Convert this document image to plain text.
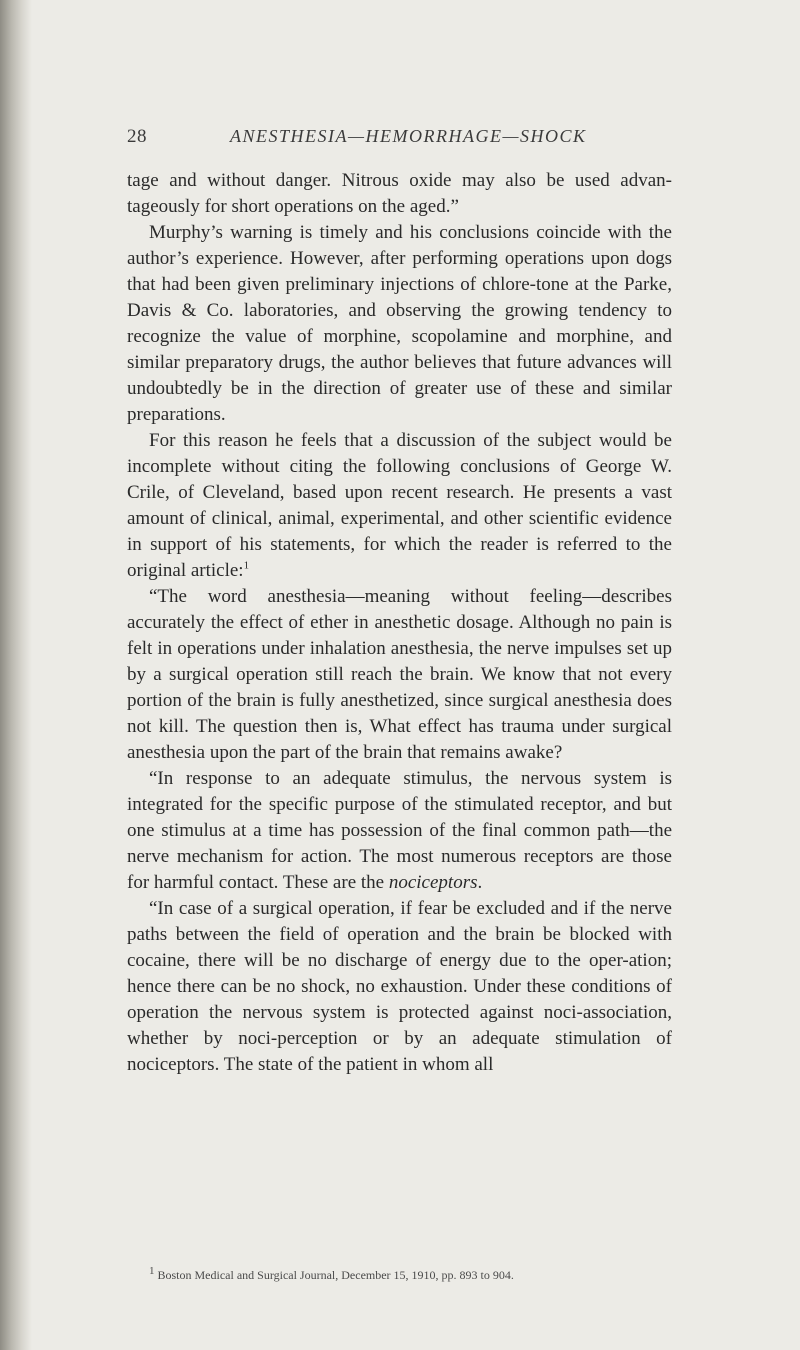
28	ANESTHESIA—HEMORRHAGE—SHOCK

tage and without danger. Nitrous oxide may also be used advan-tageously for short operations on the aged.”

Murphy’s warning is timely and his conclusions coincide with the author’s experience. However, after performing operations upon dogs that had been given preliminary injections of chlore-tone at the Parke, Davis & Co. laboratories, and observing the growing tendency to recognize the value of morphine, scopolamine and morphine, and similar preparatory drugs, the author believes that future advances will undoubtedly be in the direction of greater use of these and similar preparations.

For this reason he feels that a discussion of the subject would be incomplete without citing the following conclusions of George W. Crile, of Cleveland, based upon recent research. He presents a vast amount of clinical, animal, experimental, and other scientific evidence in support of his statements, for which the reader is referred to the original article:$^1$

“The word anesthesia—meaning without feeling—describes accurately the effect of ether in anesthetic dosage. Although no pain is felt in operations under inhalation anesthesia, the nerve impulses set up by a surgical operation still reach the brain. We know that not every portion of the brain is fully anesthetized, since surgical anesthesia does not kill. The question then is, What effect has trauma under surgical anesthesia upon the part of the brain that remains awake?

“In response to an adequate stimulus, the nervous system is integrated for the specific purpose of the stimulated receptor, and but one stimulus at a time has possession of the final common path—the nerve mechanism for action. The most numerous receptors are those for harmful contact. These are the nociceptors.

“In case of a surgical operation, if fear be excluded and if the nerve paths between the field of operation and the brain be blocked with cocaine, there will be no discharge of energy due to the oper-ation; hence there can be no shock, no exhaustion. Under these conditions of operation the nervous system is protected against noci-association, whether by noci-perception or by an adequate stimulation of nociceptors. The state of the patient in whom all

$^1$ Boston Medical and Surgical Journal, December 15, 1910, pp. 893 to 904.
